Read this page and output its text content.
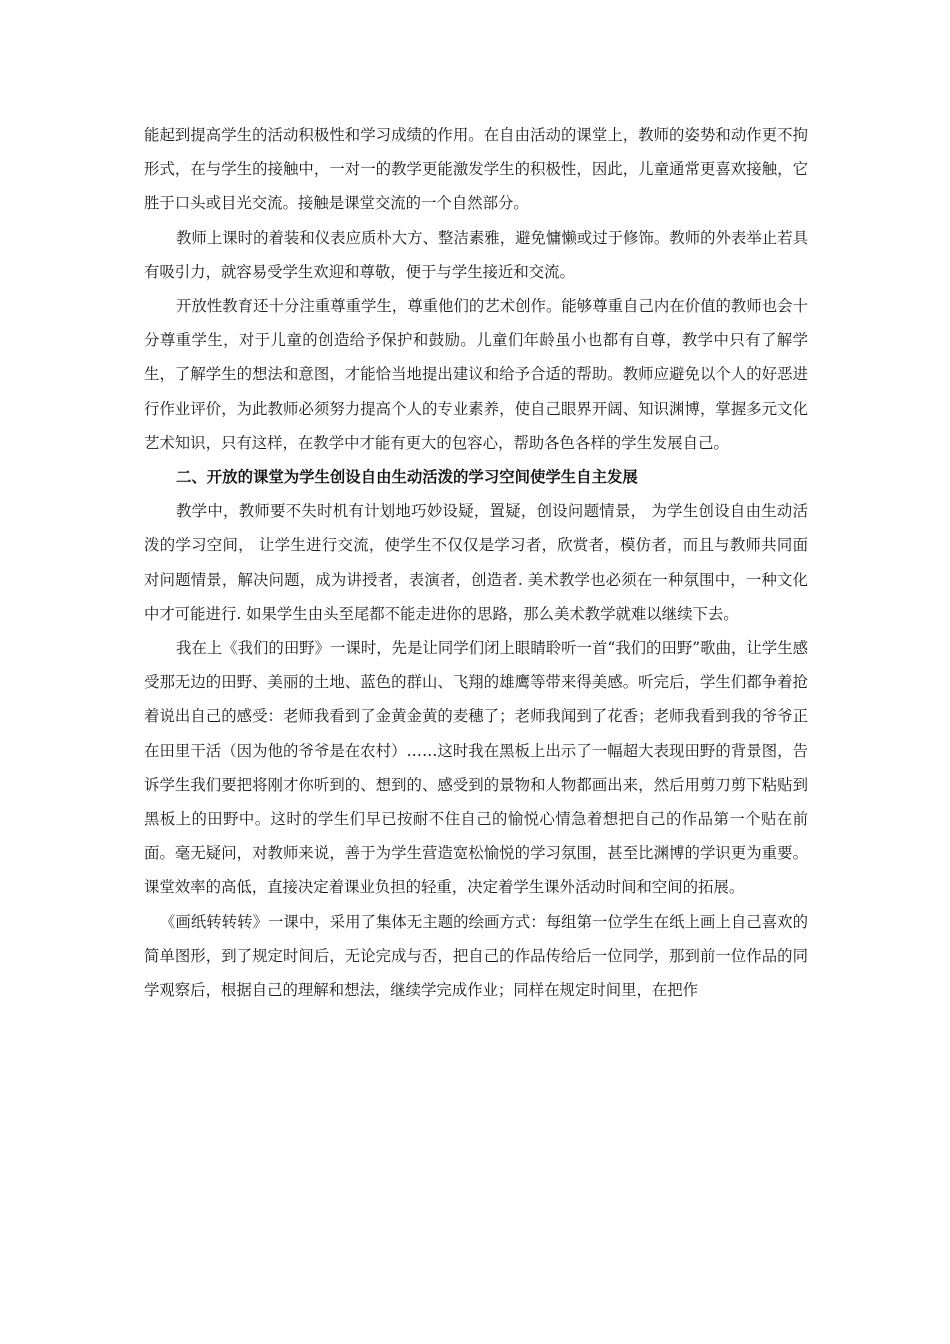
能起到提高学生的活动积极性和学习成绩的作用。在自由活动的课堂上，教师的姿势和动作更不拘形式，在与学生的接触中，一对一的教学更能激发学生的积极性，因此，儿童通常更喜欢接触，它胜于口头或目光交流。接触是课堂交流的一个自然部分。

教师上课时的着装和仪表应质朴大方、整洁素雅，避免慵懒或过于修饰。教师的外表举止若具有吸引力，就容易受学生欢迎和尊敬，便于与学生接近和交流。

开放性教育还十分注重尊重学生，尊重他们的艺术创作。能够尊重自己内在价值的教师也会十分尊重学生，对于儿童的创造给予保护和鼓励。儿童们年龄虽小也都有自尊，教学中只有了解学生，了解学生的想法和意图，才能恰当地提出建议和给予合适的帮助。教师应避免以个人的好恶进行作业评价，为此教师必须努力提高个人的专业素养，使自己眼界开阔、知识渊博，掌握多元文化艺术知识，只有这样，在教学中才能有更大的包容心，帮助各色各样的学生发展自己。

二、开放的课堂为学生创设自由生动活泼的学习空间使学生自主发展

教学中，教师要不失时机有计划地巧妙设疑，置疑，创设问题情景， 为学生创设自由生动活泼的学习空间， 让学生进行交流，使学生不仅仅是学习者，欣赏者，模仿者，而且与教师共同面对问题情景，解决问题，成为讲授者，表演者，创造者. 美术教学也必须在一种氛围中，一种文化中才可能进行. 如果学生由头至尾都不能走进你的思路，那么美术教学就难以继续下去。

我在上《我们的田野》一课时，先是让同学们闭上眼睛聆听一首“我们的田野”歌曲，让学生感受那无边的田野、美丽的土地、蓝色的群山、飞翔的雄鹰等带来得美感。听完后，学生们都争着抢着说出自己的感受：老师我看到了金黄金黄的麦穗了；老师我闻到了花香；老师我看到我的爷爷正在田里干活（因为他的爷爷是在农村）……这时我在黑板上出示了一幅超大表现田野的背景图，告诉学生我们要把将刚才你听到的、想到的、感受到的景物和人物都画出来，然后用剪刀剪下粘贴到黑板上的田野中。这时的学生们早已按耐不住自己的愉悦心情急着想把自己的作品第一个贴在前面。毫无疑问，对教师来说，善于为学生营造宽松愉悦的学习氛围，甚至比渊博的学识更为重要。课堂效率的高低，直接决定着课业负担的轻重，决定着学生课外活动时间和空间的拓展。

《画纸转转转》一课中，采用了集体无主题的绘画方式：每组第一位学生在纸上画上自己喜欢的简单图形，到了规定时间后，无论完成与否，把自己的作品传给后一位同学，那到前一位作品的同学观察后，根据自己的理解和想法，继续学完成作业；同样在规定时间里，在把作
